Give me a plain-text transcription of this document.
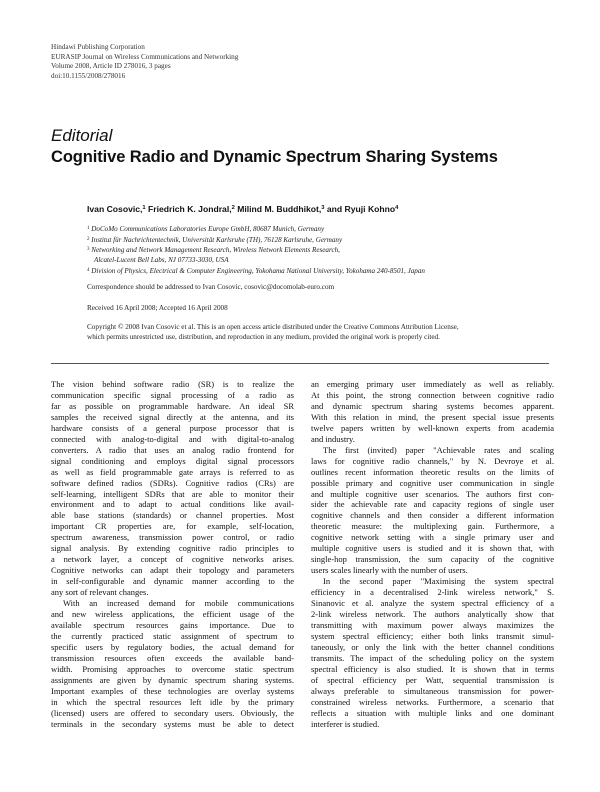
Hindawi Publishing Corporation
EURASIP Journal on Wireless Communications and Networking
Volume 2008, Article ID 278016, 3 pages
doi:10.1155/2008/278016
Editorial
Cognitive Radio and Dynamic Spectrum Sharing Systems
Ivan Cosovic,$^1$ Friedrich K. Jondral,$^2$ Milind M. Buddhikot,$^3$ and Ryuji Kohno$^4$
$^1$ DoCoMo Communications Laboratories Europe GmbH, 80687 Munich, Germany
$^2$ Institut für Nachrichtentechnik, Universität Karlsruhe (TH), 76128 Karlsruhe, Germany
$^3$ Networking and Network Management Research, Wireless Network Elements Research,
Alcatel-Lucent Bell Labs, NJ 07733-3030, USA
$^4$ Division of Physics, Electrical & Computer Engineering, Yokohama National University, Yokohama 240-8501, Japan
Correspondence should be addressed to Ivan Cosovic, cosovic@docomolab-euro.com
Received 16 April 2008; Accepted 16 April 2008
Copyright © 2008 Ivan Cosovic et al. This is an open access article distributed under the Creative Commons Attribution License,
which permits unrestricted use, distribution, and reproduction in any medium, provided the original work is properly cited.
The vision behind software radio (SR) is to realize the
communication specific signal processing of a radio as
far as possible on programmable hardware. An ideal SR
samples the received signal directly at the antenna, and its
hardware consists of a general purpose processor that is
connected with analog-to-digital and with digital-to-analog
converters. A radio that uses an analog radio frontend for
signal conditioning and employs digital signal processors
as well as field programmable gate arrays is referred to as
software defined radios (SDRs). Cognitive radios (CRs) are
self-learning, intelligent SDRs that are able to monitor their
environment and to adapt to actual conditions like avail-
able base stations (standards) or channel properties. Most
important CR properties are, for example, self-location,
spectrum awareness, transmission power control, or radio
signal analysis. By extending cognitive radio principles to
a network layer, a concept of cognitive networks arises.
Cognitive networks can adapt their topology and parameters
in self-configurable and dynamic manner according to the
any sort of relevant changes.
With an increased demand for mobile communications
and new wireless applications, the efficient usage of the
available spectrum resources gains importance. Due to
the currently practiced static assignment of spectrum to
specific users by regulatory bodies, the actual demand for
transmission resources often exceeds the available band-
width. Promising approaches to overcome static spectrum
assignments are given by dynamic spectrum sharing systems.
Important examples of these technologies are overlay systems
in which the spectral resources left idle by the primary
(licensed) users are offered to secondary users. Obviously, the
terminals in the secondary systems must be able to detect
an emerging primary user immediately as well as reliably.
At this point, the strong connection between cognitive radio
and dynamic spectrum sharing systems becomes apparent.
With this relation in mind, the present special issue presents
twelve papers written by well-known experts from academia
and industry.
The first (invited) paper "Achievable rates and scaling
laws for cognitive radio channels," by N. Devroye et al.
outlines recent information theoretic results on the limits of
possible primary and cognitive user communication in single
and multiple cognitive user scenarios. The authors first con-
sider the achievable rate and capacity regions of single user
cognitive channels and then consider a different information
theoretic measure: the multiplexing gain. Furthermore, a
cognitive network setting with a single primary user and
multiple cognitive users is studied and it is shown that, with
single-hop transmission, the sum capacity of the cognitive
users scales linearly with the number of users.
In the second paper "Maximising the system spectral
efficiency in a decentralised 2-link wireless network," S.
Sinanovic et al. analyze the system spectral efficiency of a
2-link wireless network. The authors analytically show that
transmitting with maximum power always maximizes the
system spectral efficiency; either both links transmit simul-
taneously, or only the link with the better channel conditions
transmits. The impact of the scheduling policy on the system
spectral efficiency is also studied. It is shown that in terms
of spectral efficiency per Watt, sequential transmission is
always preferable to simultaneous transmission for power-
constrained wireless networks. Furthermore, a scenario that
reflects a situation with multiple links and one dominant
interferer is studied.
